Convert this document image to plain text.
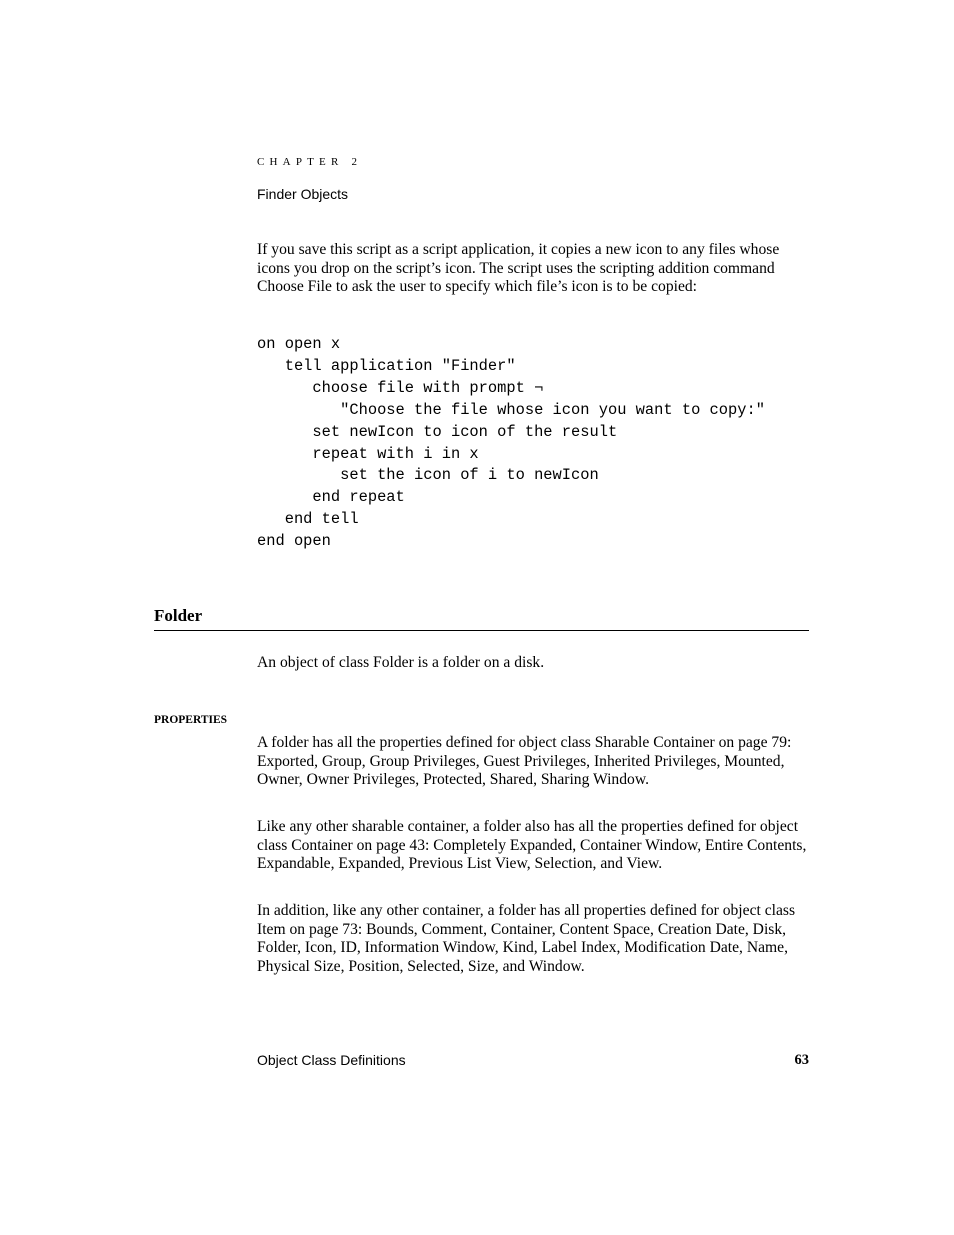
CHAPTER 2
Finder Objects

If you save this script as a script application, it copies a new icon to any files whose icons you drop on the script’s icon. The script uses the scripting addition command Choose File to ask the user to specify which file’s icon is to be copied:

on open x
tell application "Finder"
choose file with prompt ¬
"Choose the file whose icon you want to copy:"
set newIcon to icon of the result
repeat with i in x
set the icon of i to newIcon
end repeat
end tell
end open
Folder

An object of class Folder is a folder on a disk.

PROPERTIES

A folder has all the properties defined for object class Sharable Container on page 79: Exported, Group, Group Privileges, Guest Privileges, Inherited Privileges, Mounted, Owner, Owner Privileges, Protected, Shared, Sharing Window.

Like any other sharable container, a folder also has all the properties defined for object class Container on page 43: Completely Expanded, Container Window, Entire Contents, Expandable, Expanded, Previous List View, Selection, and View.

In addition, like any other container, a folder has all properties defined for object class Item on page 73: Bounds, Comment, Container, Content Space, Creation Date, Disk, Folder, Icon, ID, Information Window, Kind, Label Index, Modification Date, Name, Physical Size, Position, Selected, Size, and Window.

Object Class Definitions	63
